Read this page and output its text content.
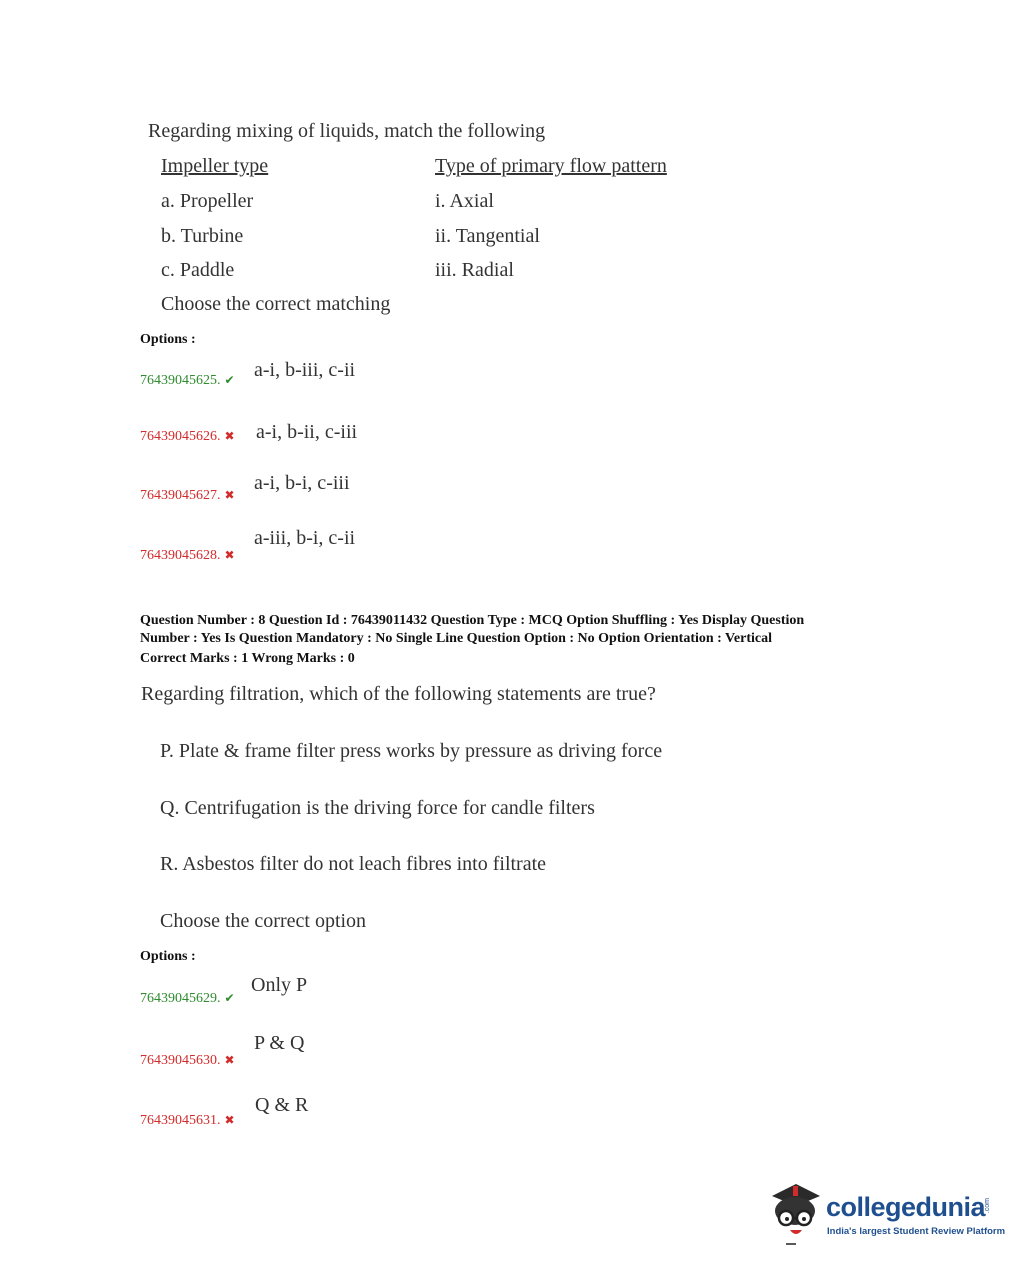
Regarding mixing of liquids, match the following
Impeller type	Type of primary flow pattern
a. Propeller	i. Axial
b. Turbine	ii. Tangential
c. Paddle	iii. Radial
Choose the correct matching
Options :
76439045625. ✔ a-i, b-iii, c-ii
76439045626. ✖ a-i, b-ii, c-iii
76439045627. ✖
a-i, b-i, c-iii
76439045628. ✖
a-iii, b-i, c-ii
Question Number : 8 Question Id : 76439011432 Question Type : MCQ Option Shuffling : Yes Display Question
Number : Yes Is Question Mandatory : No Single Line Question Option : No Option Orientation : Vertical
Correct Marks : 1 Wrong Marks : 0
Regarding filtration, which of the following statements are true?
P. Plate & frame filter press works by pressure as driving force
Q. Centrifugation is the driving force for candle filters
R. Asbestos filter do not leach fibres into filtrate
Choose the correct option
Options :
76439045629. ✔
Only P
76439045630. ✖
P & Q
76439045631. ✖
Q & R
collegedunia
.com
India's largest Student Review Platform
